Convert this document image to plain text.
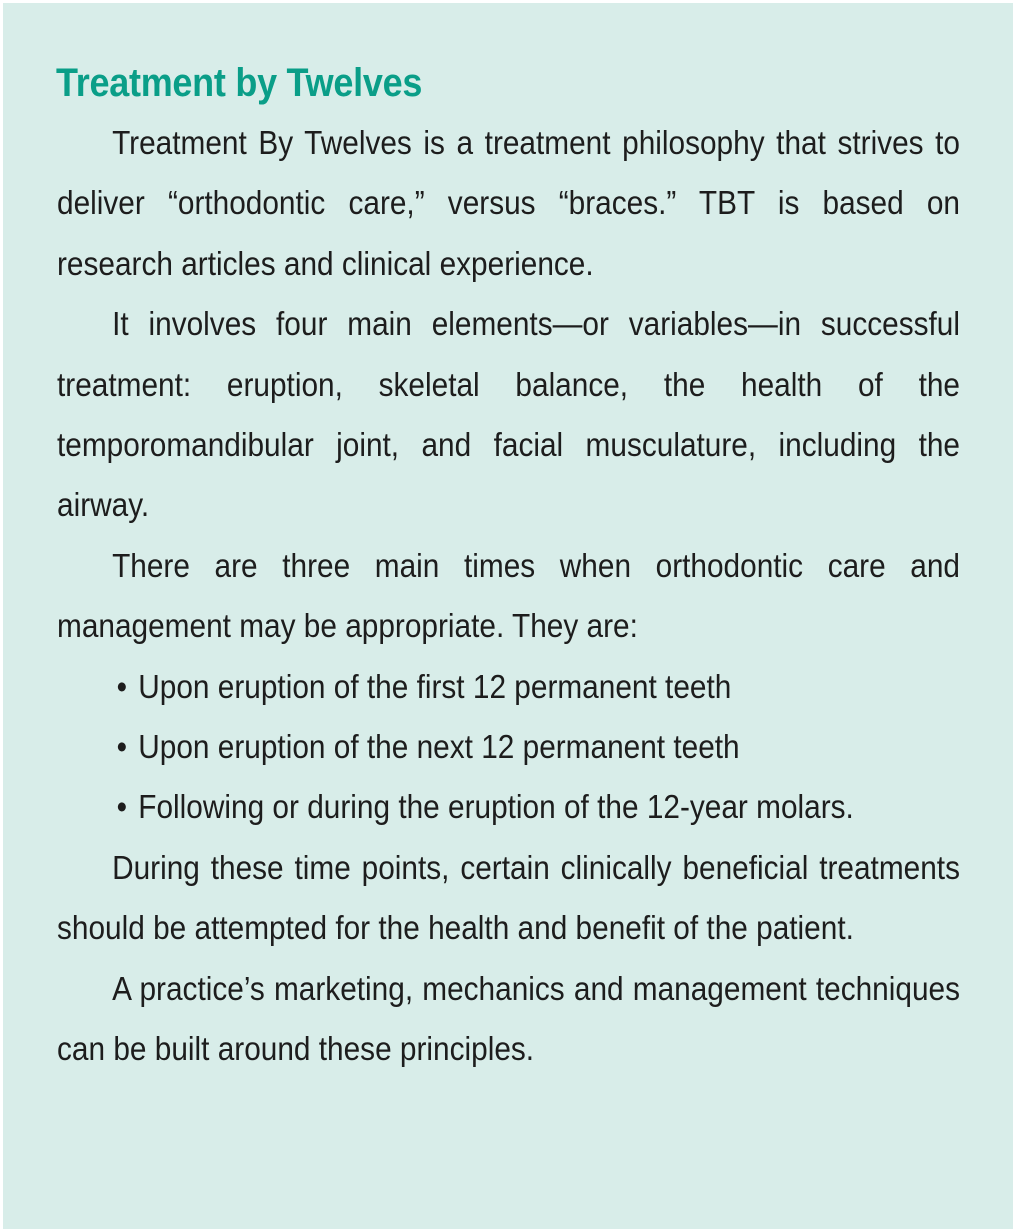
Treatment by Twelves

Treatment By Twelves is a treatment philosophy that strives to deliver “orthodontic care,” versus “braces.” TBT is based on research articles and clinical experience.

It involves four main elements—or variables—in successful treatment: eruption, skeletal balance, the health of the temporomandibular joint, and facial musculature, including the airway.

There are three main times when orthodontic care and management may be appropriate. They are:

• Upon eruption of the first 12 permanent teeth
• Upon eruption of the next 12 permanent teeth
• Following or during the eruption of the 12-year molars.

During these time points, certain clinically beneficial treatments should be attempted for the health and benefit of the patient.

A practice’s marketing, mechanics and management techniques can be built around these principles.
